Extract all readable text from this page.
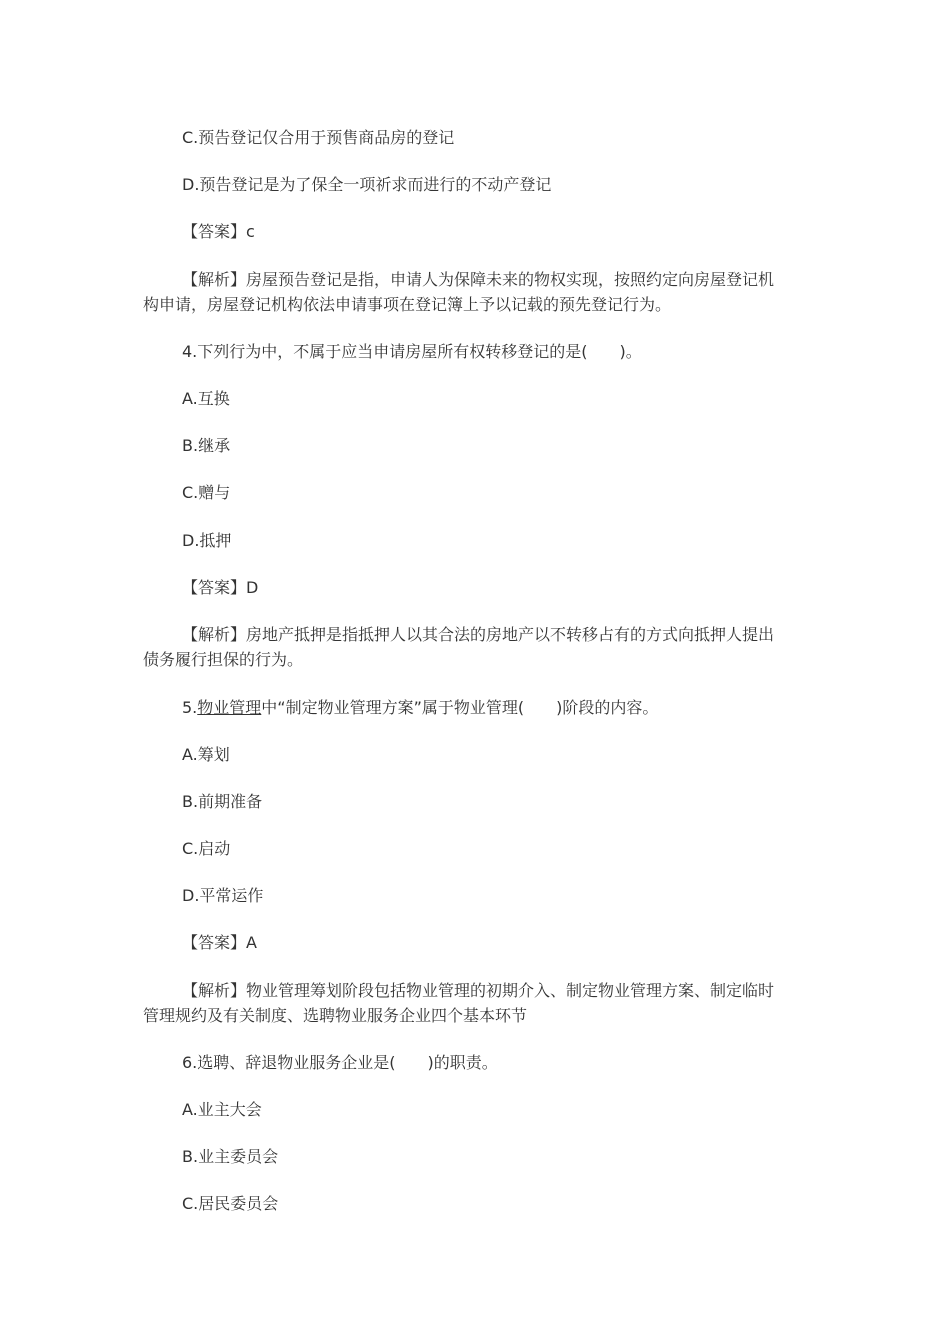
C.预告登记仅合用于预售商品房的登记
D.预告登记是为了保全一项祈求而进行的不动产登记
【答案】c
【解析】房屋预告登记是指，申请人为保障未来的物权实现，按照约定向房屋登记机
构申请，房屋登记机构依法申请事项在登记簿上予以记载的预先登记行为。
4.下列行为中，不属于应当申请房屋所有权转移登记的是(　　)。
A.互换
B.继承
C.赠与
D.抵押
【答案】D
【解析】房地产抵押是指抵押人以其合法的房地产以不转移占有的方式向抵押人提出
债务履行担保的行为。
5.物业管理中“制定物业管理方案”属于物业管理(　　)阶段的内容。
A.筹划
B.前期准备
C.启动
D.平常运作
【答案】A
【解析】物业管理筹划阶段包括物业管理的初期介入、制定物业管理方案、制定临时
管理规约及有关制度、选聘物业服务企业四个基本环节
6.选聘、辞退物业服务企业是(　　)的职责。
A.业主大会
B.业主委员会
C.居民委员会
